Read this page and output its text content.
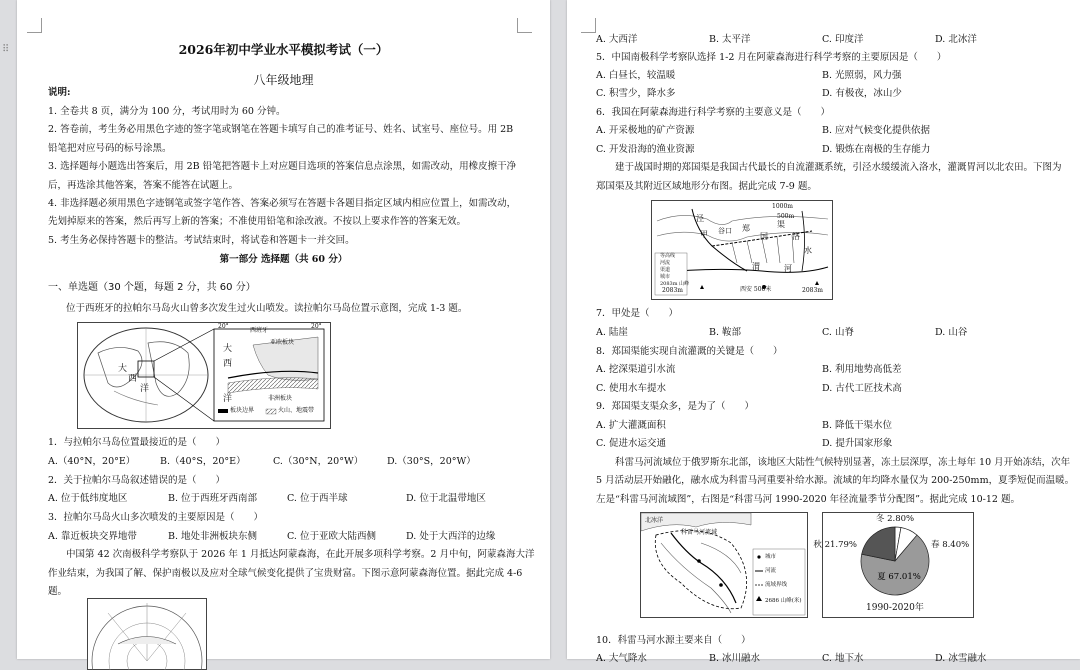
⠿	2026年初中学业水平模拟考试（一）
八年级地理
说明:
1. 全卷共 8 页，满分为 100 分，考试用时为 60 分钟。
2. 答卷前，考生务必用黑色字迹的签字笔或钢笔在答题卡填写自己的准考证号、姓名、试室号、座位号。用 2B
铅笔把对应号码的标号涂黑。
3. 选择题每小题选出答案后，用 2B 铅笔把答题卡上对应题目选项的答案信息点涂黑，如需改动，用橡皮擦干净
后，再选涂其他答案，答案不能答在试题上。
4. 非选择题必须用黑色字迹钢笔或签字笔作答、答案必须写在答题卡各题目指定区域内相应位置上，如需改动，
先划掉原来的答案，然后再写上新的答案；不准使用铅笔和涂改液。不按以上要求作答的答案无效。
5. 考生务必保持答题卡的整洁。考试结束时，将试卷和答题卡一并交回。
第一部分 选择题（共 60 分）
一、单选题（30 个题，每题 2 分，共 60 分）
位于西班牙的拉帕尔马岛火山曾多次发生过火山喷发。读拉帕尔马岛位置示意图，完成 1-3 题。
大
西
洋
大
西
洋
西班牙
亚欧板块
非洲板块
20°	20°
板块边界	火山、地震带
1．与拉帕尔马岛位置最接近的是（　　）
A.（40°N，20°E）	B.（40°S，20°E）	C.（30°N，20°W）	D.（30°S，20°W）
2．关于拉帕尔马岛叙述错误的是（　　）
A. 位于低纬度地区	B. 位于西班牙西南部	C. 位于西半球	D. 位于北温带地区
3．拉帕尔马岛火山多次喷发的主要原因是（　　）
A. 靠近板块交界地带	B. 地处非洲板块东侧	C. 位于亚欧大陆西侧	D. 处于大西洋的边缘
中国第 42 次南极科学考察队于 2026 年 1 月抵达阿蒙森海，在此开展多项科学考察。2 月中旬，阿蒙森海大洋
作业结束，为我国了解、保护南极以及应对全球气候变化提供了宝贵财富。下图示意阿蒙森海位置。据此完成 4-6
题。
A. 大西洋	B. 太平洋	C. 印度洋	D. 北冰洋
5．中国南极科学考察队选择 1-2 月在阿蒙森海进行科学考察的主要原因是（　　）
A. 白昼长，较温暖	B. 光照弱，风力强
C. 积雪少，降水多	D. 有极夜，冰山少
6．我国在阿蒙森海进行科学考察的主要意义是（　　）
A. 开采极地的矿产资源	B. 应对气候变化提供依据
C. 开发沿海的渔业资源	D. 锻炼在南极的生存能力
建于战国时期的郑国渠是我国古代最长的自流灌溉系统，引泾水缓缓流入洛水，灌溉胃河以北农田。下图为
郑国渠及其附近区域地形分布图。据此完成 7-9 题。
甲
泾
谷口 郑
国
渠
洛
水
渭	河
1000m
500m
西安 500米
2083m	2083m
等高线
河流
渠道
城市
2083m 山峰
7．甲处是（　　）
A. 陆崖	B. 鞍部	C. 山脊	D. 山谷
8．郑国渠能实现自流灌溉的关键是（　　）
A. 挖深渠道引水流	B. 利用地势高低差
C. 使用水车提水	D. 古代工匠技术高
9．郑国渠支渠众多，是为了（　　）
A. 扩大灌溉面积	B. 降低干渠水位
C. 促进水运交通	D. 提升国家形象
科雷马河流域位于俄罗斯东北部，该地区大陆性气候特别显著，冻土层深厚，冻土每年 10 月开始冻结，次年
5 月活动层开始融化，融水成为科雷马河重要补给水源。流域的年均降水量仅为 200-250mm，夏季短促而温暖。
左是“科雷马河流域图”，右图是“科雷马河 1990-2020 年径流量季节分配图”。据此完成 10-12 题。
北冰洋
科雷马河流域
城市
河流
流域界线
2686 山峰(米)
冬 2.80%
春 8.40%
夏 67.01%
秋 21.79%
1990-2020年
10．科雷马河水源主要来自（　　）
A. 大气降水	B. 冰川融水	C. 地下水	D. 冰雪融水
